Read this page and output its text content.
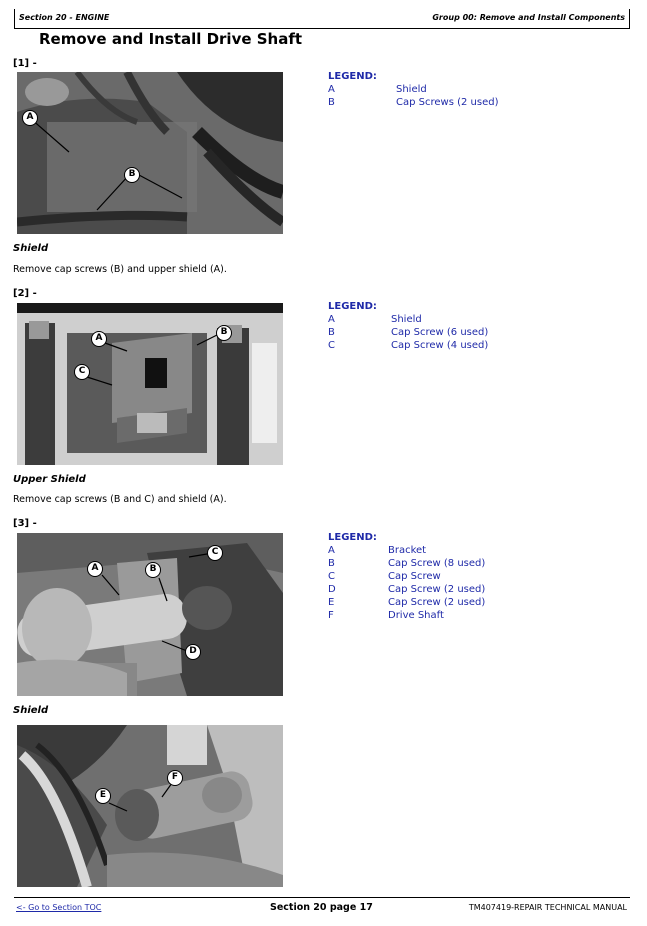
Section 20 - ENGINE	Group 00: Remove and Install Components
Remove and Install Drive Shaft
[1] -
A
B
LEGEND:
A	Shield
B	Cap Screws (2 used)
Shield
Remove cap screws (B) and upper shield (A).
[2] -
A
B
C
LEGEND:
A	Shield
B	Cap Screw (6 used)
C	Cap Screw (4 used)
Upper Shield
Remove cap screws (B and C) and shield (A).
[3] -
A	B
C
D
LEGEND:
A	Bracket
B	Cap Screw (8 used)
C	Cap Screw
D	Cap Screw (2 used)
E	Cap Screw (2 used)
F	Drive Shaft
Shield
E
F
<- Go to Section TOC	Section 20 page 17	TM407419-REPAIR TECHNICAL MANUAL
